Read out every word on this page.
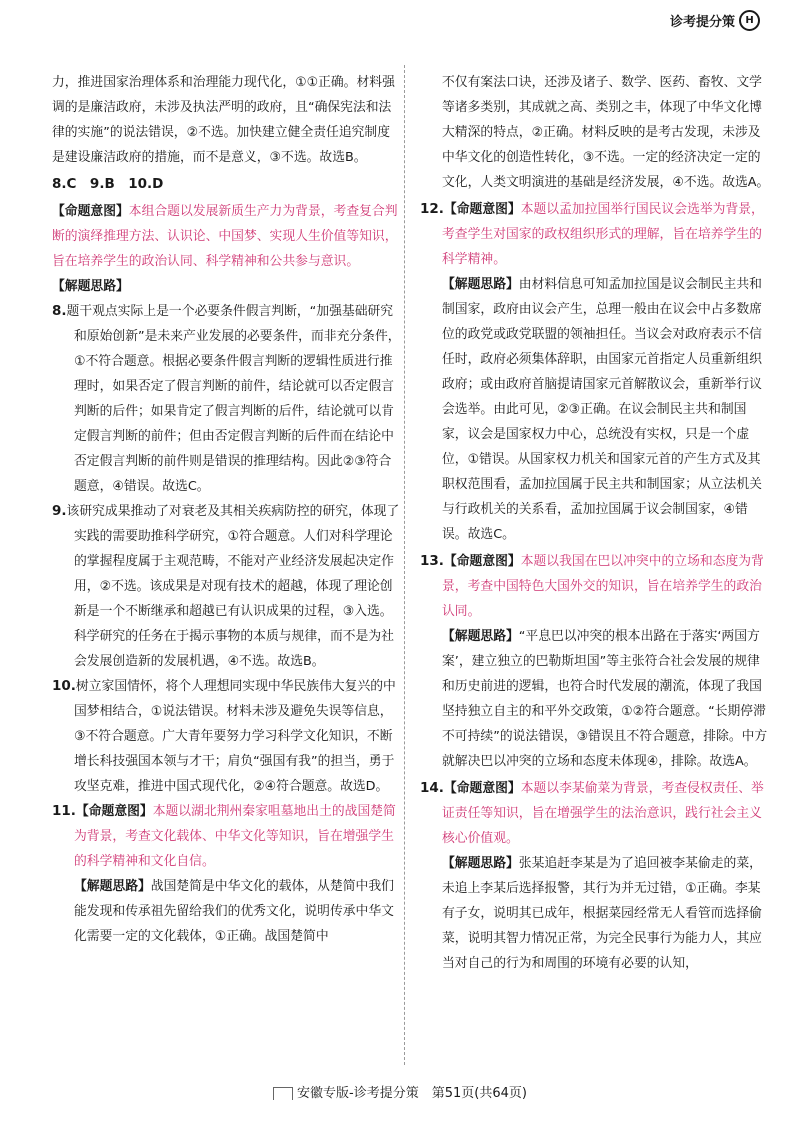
诊考提分策	H

力，推进国家治理体系和治理能力现代化，①①正确。材料强调的是廉洁政府，未涉及执法严明的政府，且“确保宪法和法律的实施”的说法错误，②不选。加快建立健全责任追究制度是建设廉洁政府的措施，而不是意义，③不选。故选B。

8.C　9.B　10.D

【命题意图】本组合题以发展新质生产力为背景，考查复合判断的演绎推理方法、认识论、中国梦、实现人生价值等知识，旨在培养学生的政治认同、科学精神和公共参与意识。

【解题思路】

8.题干观点实际上是一个必要条件假言判断，“加强基础研究和原始创新”是未来产业发展的必要条件，而非充分条件，①不符合题意。根据必要条件假言判断的逻辑性质进行推理时，如果否定了假言判断的前件，结论就可以否定假言判断的后件；如果肯定了假言判断的后件，结论就可以肯定假言判断的前件；但由否定假言判断的后件而在结论中否定假言判断的前件则是错误的推理结构。因此②③符合题意，④错误。故选C。

9.该研究成果推动了对衰老及其相关疾病防控的研究，体现了实践的需要助推科学研究，①符合题意。人们对科学理论的掌握程度属于主观范畴，不能对产业经济发展起决定作用，②不选。该成果是对现有技术的超越，体现了理论创新是一个不断继承和超越已有认识成果的过程，③入选。科学研究的任务在于揭示事物的本质与规律，而不是为社会发展创造新的发展机遇，④不选。故选B。

10.树立家国情怀，将个人理想同实现中华民族伟大复兴的中国梦相结合，①说法错误。材料未涉及避免失误等信息，③不符合题意。广大青年要努力学习科学文化知识，不断增长科技强国本领与才干；肩负“强国有我”的担当，勇于攻坚克难，推进中国式现代化，②④符合题意。故选D。

11.【命题意图】本题以湖北荆州秦家咀墓地出土的战国楚简为背景，考查文化载体、中华文化等知识，旨在增强学生的科学精神和文化自信。

【解题思路】战国楚简是中华文化的载体，从楚简中我们能发现和传承祖先留给我们的优秀文化，说明传承中华文化需要一定的文化载体，①正确。战国楚简中

不仅有案法口诀，还涉及诸子、数学、医药、畜牧、文学等诸多类别，其成就之高、类别之丰，体现了中华文化博大精深的特点，②正确。材料反映的是考古发现，未涉及中华文化的创造性转化，③不选。一定的经济决定一定的文化，人类文明演进的基础是经济发展，④不选。故选A。

12.【命题意图】本题以孟加拉国举行国民议会选举为背景，考查学生对国家的政权组织形式的理解，旨在培养学生的科学精神。

【解题思路】由材料信息可知孟加拉国是议会制民主共和制国家，政府由议会产生，总理一般由在议会中占多数席位的政党或政党联盟的领袖担任。当议会对政府表示不信任时，政府必须集体辞职，由国家元首指定人员重新组织政府；或由政府首脑提请国家元首解散议会，重新举行议会选举。由此可见，②③正确。在议会制民主共和制国家，议会是国家权力中心，总统没有实权，只是一个虚位，①错误。从国家权力机关和国家元首的产生方式及其职权范围看，孟加拉国属于民主共和制国家；从立法机关与行政机关的关系看，孟加拉国属于议会制国家，④错误。故选C。

13.【命题意图】本题以我国在巴以冲突中的立场和态度为背景，考查中国特色大国外交的知识，旨在培养学生的政治认同。

【解题思路】“平息巴以冲突的根本出路在于落实‘两国方案’，建立独立的巴勒斯坦国”等主张符合社会发展的规律和历史前进的逻辑，也符合时代发展的潮流，体现了我国坚持独立自主的和平外交政策，①②符合题意。“长期停滞不可持续”的说法错误，③错误且不符合题意，排除。中方就解决巴以冲突的立场和态度未体现④，排除。故选A。

14.【命题意图】本题以李某偷菜为背景，考查侵权责任、举证责任等知识，旨在增强学生的法治意识，践行社会主义核心价值观。

【解题思路】张某追赶李某是为了追回被李某偷走的菜，未追上李某后选择报警，其行为并无过错，①正确。李某有子女，说明其已成年，根据菜园经常无人看管而选择偷菜，说明其智力情况正常，为完全民事行为能力人，其应当对自己的行为和周围的环境有必要的认知，

安徽专版-诊考提分策　第51页(共64页)
